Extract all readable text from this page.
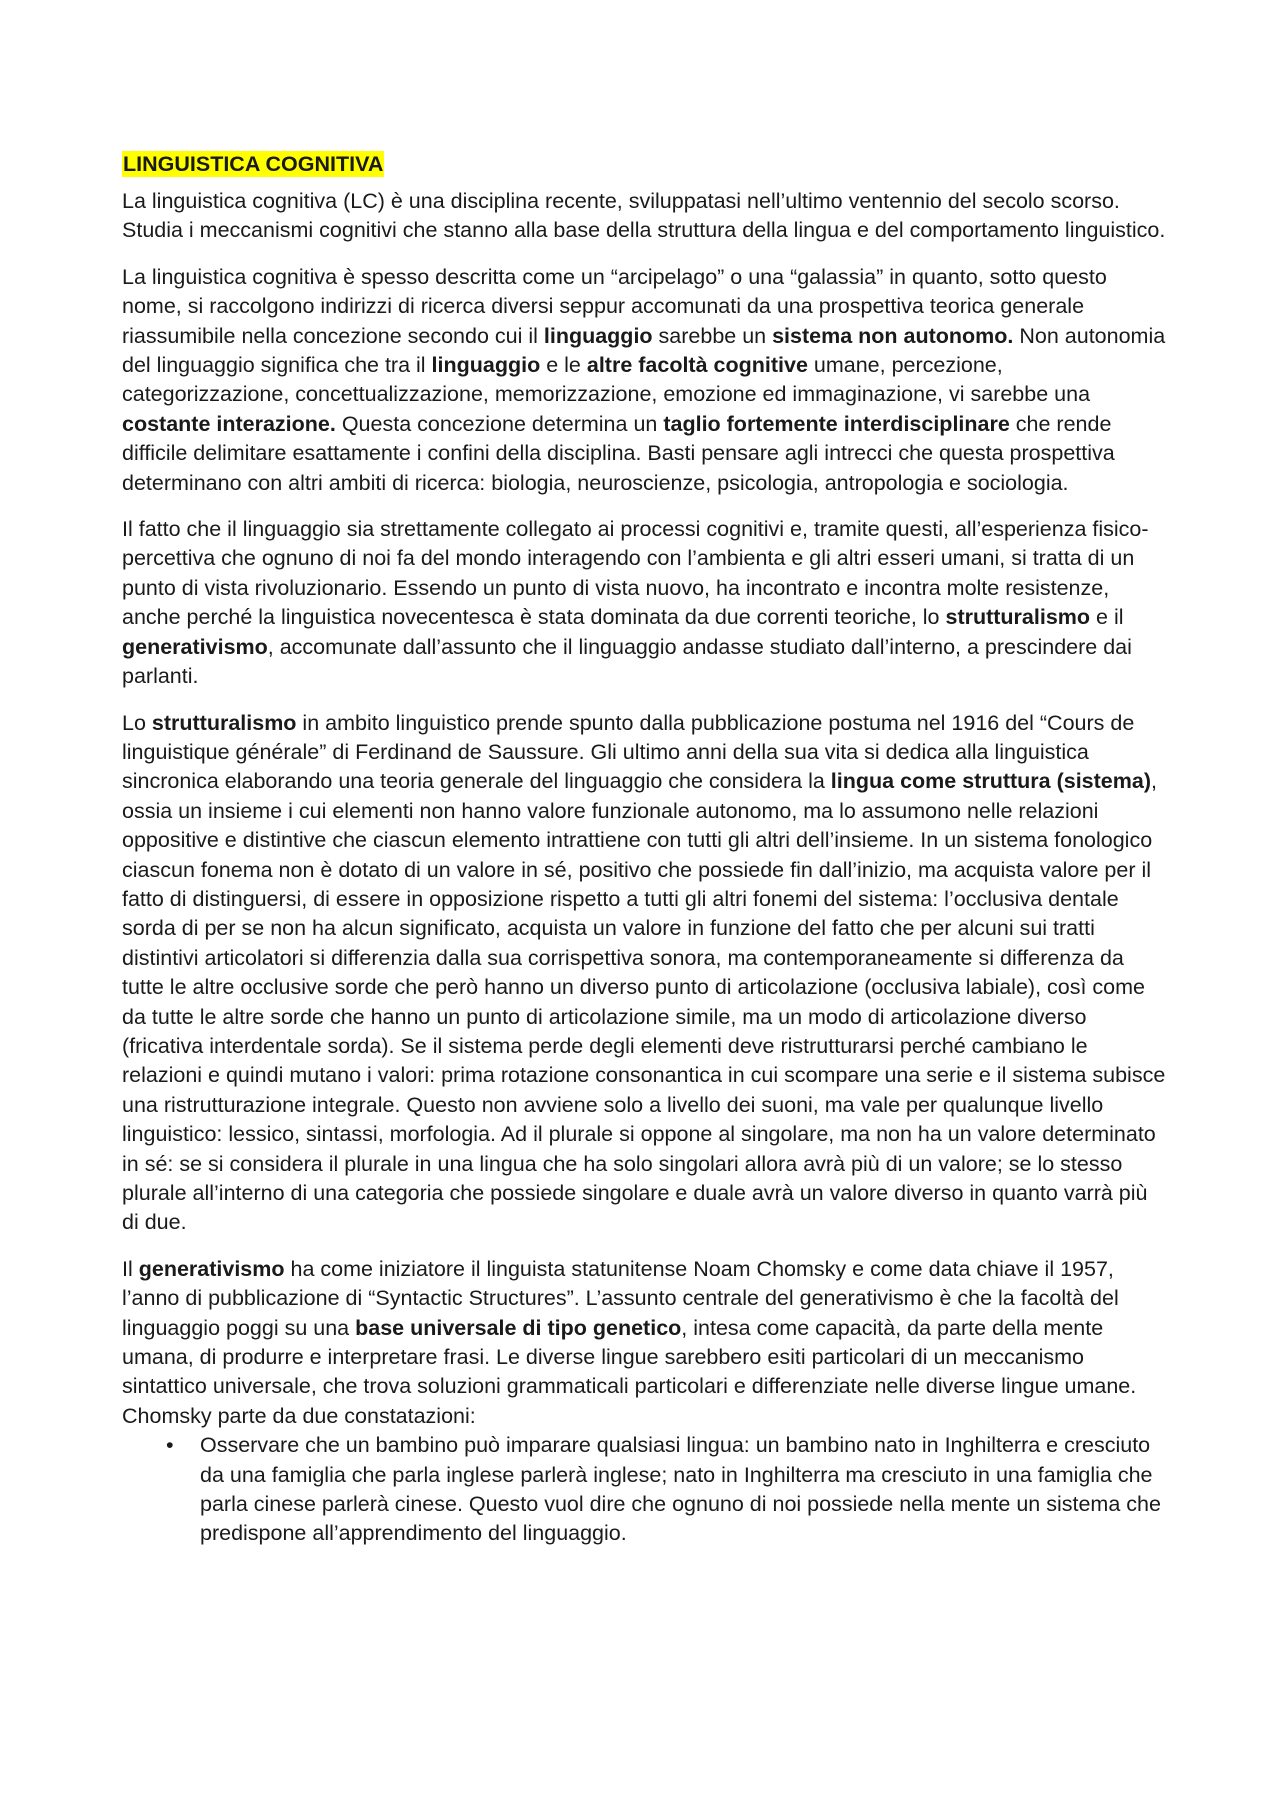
LINGUISTICA COGNITIVA

La linguistica cognitiva (LC) è una disciplina recente, sviluppatasi nell’ultimo ventennio del secolo scorso. Studia i meccanismi cognitivi che stanno alla base della struttura della lingua e del comportamento linguistico.

La linguistica cognitiva è spesso descritta come un “arcipelago” o una “galassia” in quanto, sotto questo nome, si raccolgono indirizzi di ricerca diversi seppur accomunati da una prospettiva teorica generale riassumibile nella concezione secondo cui il linguaggio sarebbe un sistema non autonomo. Non autonomia del linguaggio significa che tra il linguaggio e le altre facoltà cognitive umane, percezione, categorizzazione, concettualizzazione, memorizzazione, emozione ed immaginazione, vi sarebbe una costante interazione. Questa concezione determina un taglio fortemente interdisciplinare che rende difficile delimitare esattamente i confini della disciplina. Basti pensare agli intrecci che questa prospettiva determinano con altri ambiti di ricerca: biologia, neuroscienze, psicologia, antropologia e sociologia.

Il fatto che il linguaggio sia strettamente collegato ai processi cognitivi e, tramite questi, all’esperienza fisico-percettiva che ognuno di noi fa del mondo interagendo con l’ambienta e gli altri esseri umani, si tratta di un punto di vista rivoluzionario. Essendo un punto di vista nuovo, ha incontrato e incontra molte resistenze, anche perché la linguistica novecentesca è stata dominata da due correnti teoriche, lo strutturalismo e il generativismo, accomunate dall’assunto che il linguaggio andasse studiato dall’interno, a prescindere dai parlanti.

Lo strutturalismo in ambito linguistico prende spunto dalla pubblicazione postuma nel 1916 del “Cours de linguistique générale” di Ferdinand de Saussure. Gli ultimo anni della sua vita si dedica alla linguistica sincronica elaborando una teoria generale del linguaggio che considera la lingua come struttura (sistema), ossia un insieme i cui elementi non hanno valore funzionale autonomo, ma lo assumono nelle relazioni oppositive e distintive che ciascun elemento intrattiene con tutti gli altri dell’insieme. In un sistema fonologico ciascun fonema non è dotato di un valore in sé, positivo che possiede fin dall’inizio, ma acquista valore per il fatto di distinguersi, di essere in opposizione rispetto a tutti gli altri fonemi del sistema: l’occlusiva dentale sorda di per se non ha alcun significato, acquista un valore in funzione del fatto che per alcuni sui tratti distintivi articolatori si differenzia dalla sua corrispettiva sonora, ma contemporaneamente si differenza da tutte le altre occlusive sorde che però hanno un diverso punto di articolazione (occlusiva labiale), così come da tutte le altre sorde che hanno un punto di articolazione simile, ma un modo di articolazione diverso (fricativa interdentale sorda). Se il sistema perde degli elementi deve ristrutturarsi perché cambiano le relazioni e quindi mutano i valori: prima rotazione consonantica in cui scompare una serie e il sistema subisce una ristrutturazione integrale. Questo non avviene solo a livello dei suoni, ma vale per qualunque livello linguistico: lessico, sintassi, morfologia. Ad il plurale si oppone al singolare, ma non ha un valore determinato in sé: se si considera il plurale in una lingua che ha solo singolari allora avrà più di un valore; se lo stesso plurale all’interno di una categoria che possiede singolare e duale avrà un valore diverso in quanto varrà più di due.

Il generativismo ha come iniziatore il linguista statunitense Noam Chomsky e come data chiave il 1957, l’anno di pubblicazione di “Syntactic Structures”. L’assunto centrale del generativismo è che la facoltà del linguaggio poggi su una base universale di tipo genetico, intesa come capacità, da parte della mente umana, di produrre e interpretare frasi. Le diverse lingue sarebbero esiti particolari di un meccanismo sintattico universale, che trova soluzioni grammaticali particolari e differenziate nelle diverse lingue umane. Chomsky parte da due constatazioni:

• Osservare che un bambino può imparare qualsiasi lingua: un bambino nato in Inghilterra e cresciuto da una famiglia che parla inglese parlerà inglese; nato in Inghilterra ma cresciuto in una famiglia che parla cinese parlerà cinese. Questo vuol dire che ognuno di noi possiede nella mente un sistema che predispone all’apprendimento del linguaggio.
